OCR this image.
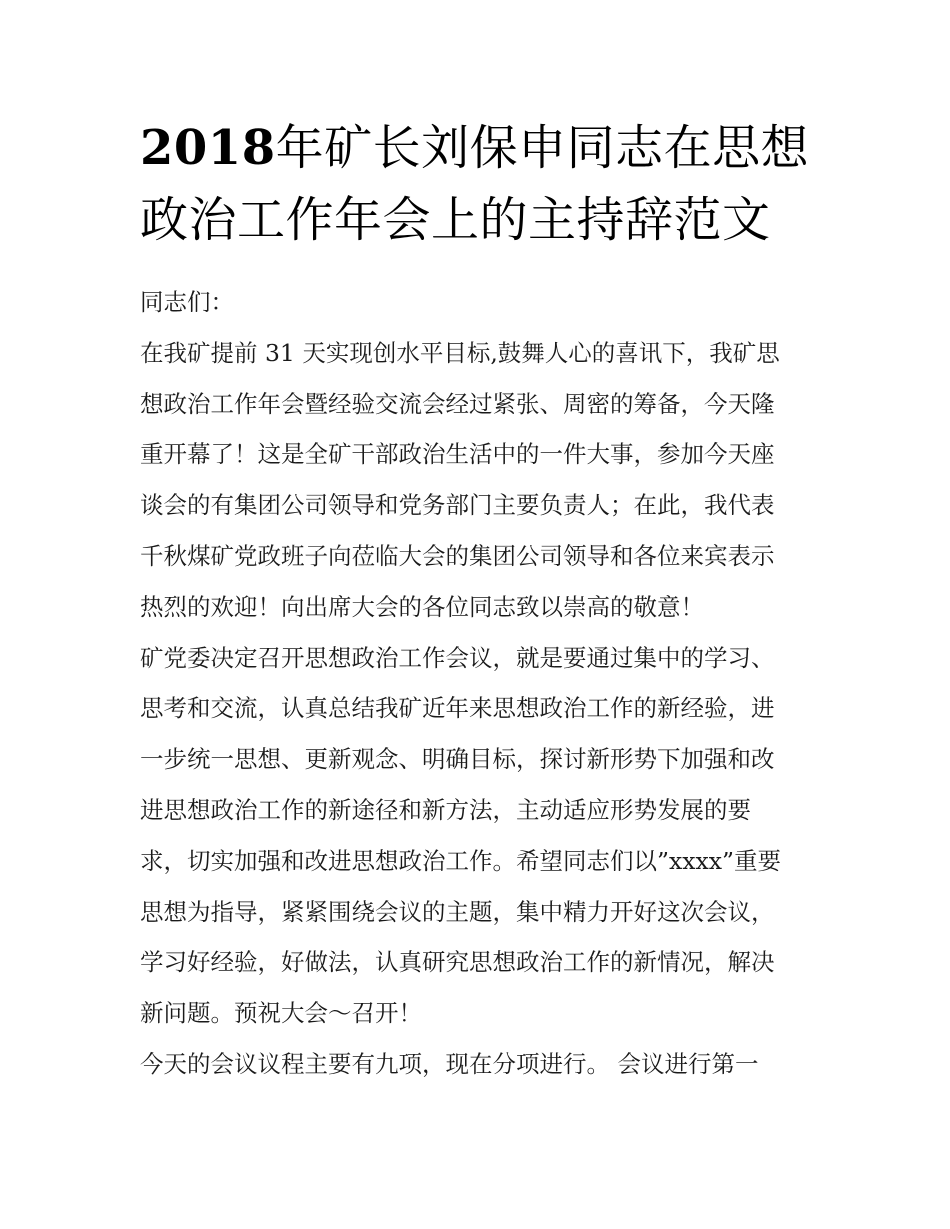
2018年矿长刘保申同志在思想
政治工作年会上的主持辞范文
同志们：
在我矿提前 31 天实现创水平目标,鼓舞人心的喜讯下，我矿思
想政治工作年会暨经验交流会经过紧张、周密的筹备，今天隆
重开幕了！这是全矿干部政治生活中的一件大事，参加今天座
谈会的有集团公司领导和党务部门主要负责人；在此，我代表
千秋煤矿党政班子向莅临大会的集团公司领导和各位来宾表示
热烈的欢迎！向出席大会的各位同志致以崇高的敬意！
矿党委决定召开思想政治工作会议，就是要通过集中的学习、
思考和交流，认真总结我矿近年来思想政治工作的新经验，进
一步统一思想、更新观念、明确目标，探讨新形势下加强和改
进思想政治工作的新途径和新方法，主动适应形势发展的要
求，切实加强和改进思想政治工作。希望同志们以”xxxx”重要
思想为指导，紧紧围绕会议的主题，集中精力开好这次会议，
学习好经验，好做法，认真研究思想政治工作的新情况，解决
新问题。预祝大会～召开！
今天的会议议程主要有九项，现在分项进行。 会议进行第一
